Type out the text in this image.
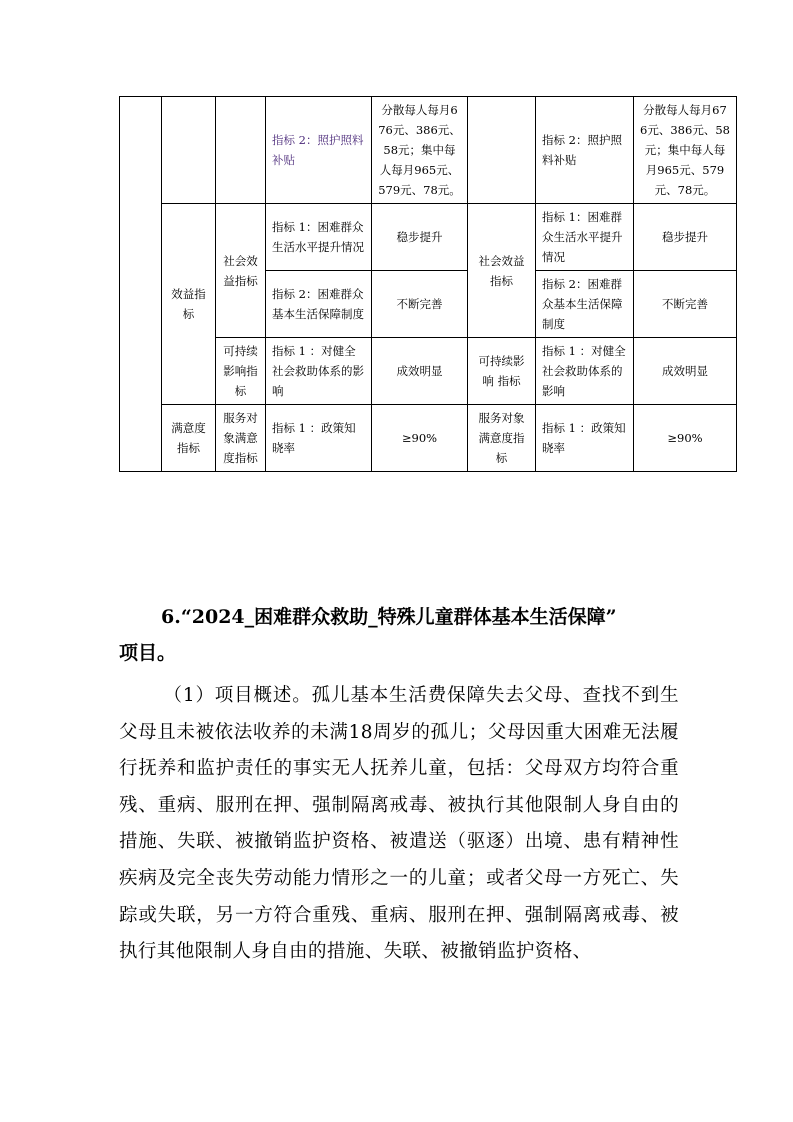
			指标 2：照护照料补贴	分散每人每月676元、386元、58元；集中每人每月965元、579元、78元。		指标 2：照护照料补贴	分散每人每月676元、386元、58元；集中每人每月965元、579元、78元。
	效益指标	社会效益指标	指标 1：困难群众生活水平提升情况	稳步提升	社会效益指标	指标 1：困难群众生活水平提升情况	稳步提升
			指标 2：困难群众基本生活保障制度	不断完善		指标 2：困难群众基本生活保障制度	不断完善
		可持续影响指标	指标 1 ：对健全社会救助体系的影响	成效明显	可持续影响 指标	指标 1 ：对健全社会救助体系的影响	成效明显
	满意度指标	服务对象满意度指标	指标 1 ：政策知晓率	≥90%	服务对象满意度指标	指标 1 ：政策知晓率	≥90%
6.“2024_困难群众救助_特殊儿童群体基本生活保障”
项目。
（1）项目概述。孤儿基本生活费保障失去父母、查找不到生父母且未被依法收养的未满18周岁的孤儿；父母因重大困难无法履行抚养和监护责任的事实无人抚养儿童，包括：父母双方均符合重残、重病、服刑在押、强制隔离戒毒、被执行其他限制人身自由的措施、失联、被撤销监护资格、被遣送（驱逐）出境、患有精神性疾病及完全丧失劳动能力情形之一的儿童；或者父母一方死亡、失踪或失联，另一方符合重残、重病、服刑在押、强制隔离戒毒、被执行其他限制人身自由的措施、失联、被撤销监护资格、
